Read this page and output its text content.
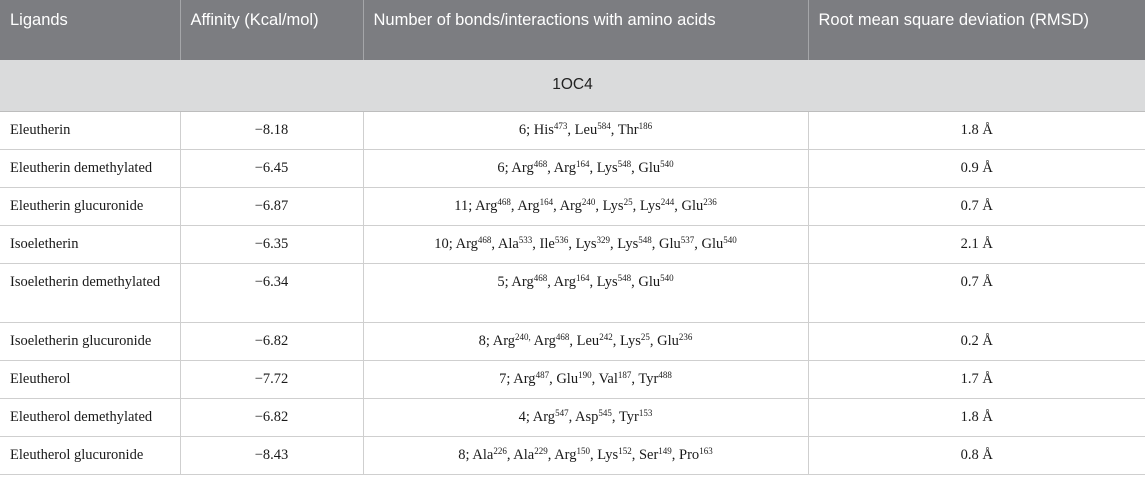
Ligands	Affinity (Kcal/mol)	Number of bonds/interactions with amino acids	Root mean square deviation (RMSD)
1OC4			
Eleutherin	−8.18	6; His$^{473}$, Leu$^{584}$, Thr$^{186}$	1.8 Å
Eleutherin demethylated	−6.45	6; Arg$^{468}$, Arg$^{164}$, Lys$^{548}$, Glu$^{540}$	0.9 Å
Eleutherin glucuronide	−6.87	11; Arg$^{468}$, Arg$^{164}$, Arg$^{240}$, Lys$^{25}$, Lys$^{244}$, Glu$^{236}$	0.7 Å
Isoeletherin	−6.35	10; Arg$^{468}$, Ala$^{533}$, Ile$^{536}$, Lys$^{329}$, Lys$^{548}$, Glu$^{537}$, Glu$^{540}$	2.1 Å
Isoeletherin demethylated	−6.34	5; Arg$^{468}$, Arg$^{164}$, Lys$^{548}$, Glu$^{540}$	0.7 Å
Isoeletherin glucuronide	−6.82	8; Arg$^{240,}$ Arg$^{468}$, Leu$^{242}$, Lys$^{25}$, Glu$^{236}$	0.2 Å
Eleutherol	−7.72	7; Arg$^{487}$, Glu$^{190}$, Val$^{187}$, Tyr$^{488}$	1.7 Å
Eleutherol demethylated	−6.82	4; Arg$^{547}$, Asp$^{545}$, Tyr$^{153}$	1.8 Å
Eleutherol glucuronide	−8.43	8; Ala$^{226}$, Ala$^{229}$, Arg$^{150}$, Lys$^{152}$, Ser$^{149}$, Pro$^{163}$	0.8 Å
